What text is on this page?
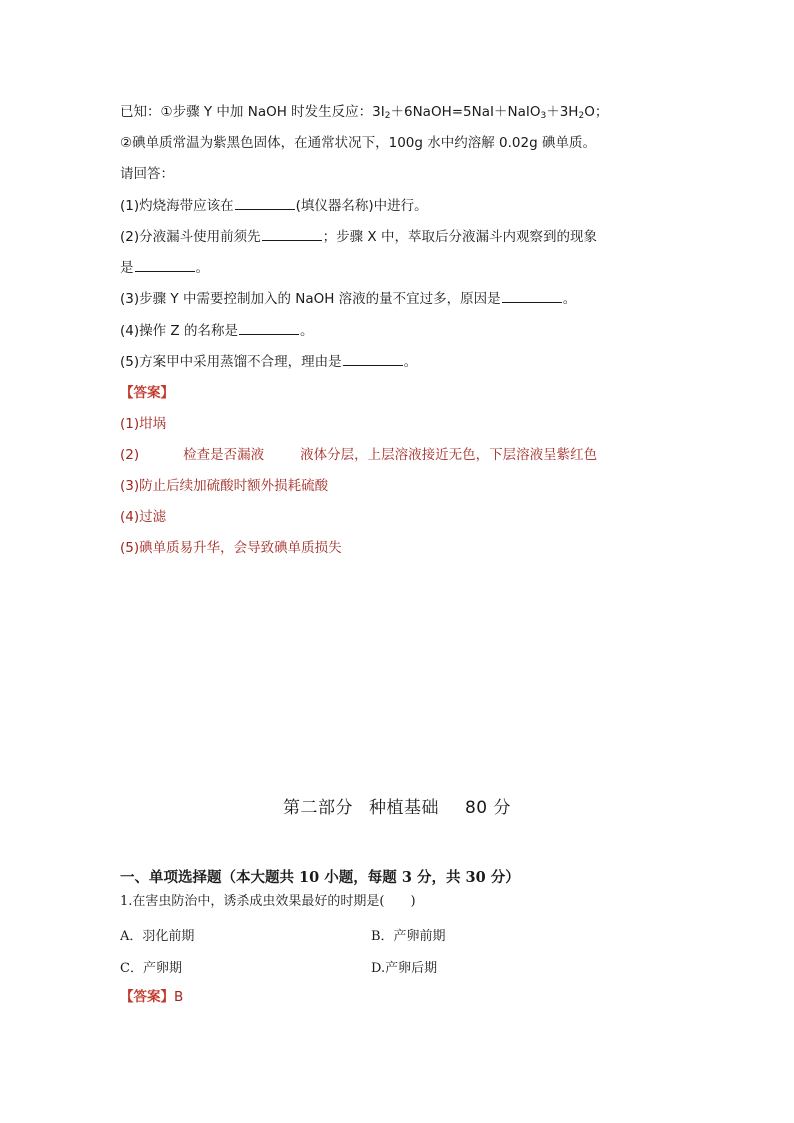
已知：①步骤 Y 中加 NaOH 时发生反应：$3I_2+6NaOH=5NaI+NaIO_3+3H_2O$；
②碘单质常温为紫黑色固体，在通常状况下，100g 水中约溶解 0.02g 碘单质。
请回答：
(1)灼烧海带应该在	(填仪器名称)中进行。
(2)分液漏斗使用前须先	；步骤 X 中，萃取后分液漏斗内观察到的现象
是	。
(3)步骤 Y 中需要控制加入的 NaOH 溶液的量不宜过多，原因是	。
(4)操作 Z 的名称是	。
(5)方案甲中采用蒸馏不合理，理由是	。
【答案】
(1)坩埚
(2)	检查是否漏液	液体分层，上层溶液接近无色，下层溶液呈紫红色
(3)防止后续加硫酸时额外损耗硫酸
(4)过滤
(5)碘单质易升华，会导致碘单质损失
第二部分 种植基础 80 分
一、单项选择题（本大题共 10 小题，每题 3 分，共 30 分）
1.在害虫防治中，诱杀成虫效果最好的时期是(　　)
A．羽化前期	B．产卵前期
C．产卵期	D.产卵后期
【答案】B
